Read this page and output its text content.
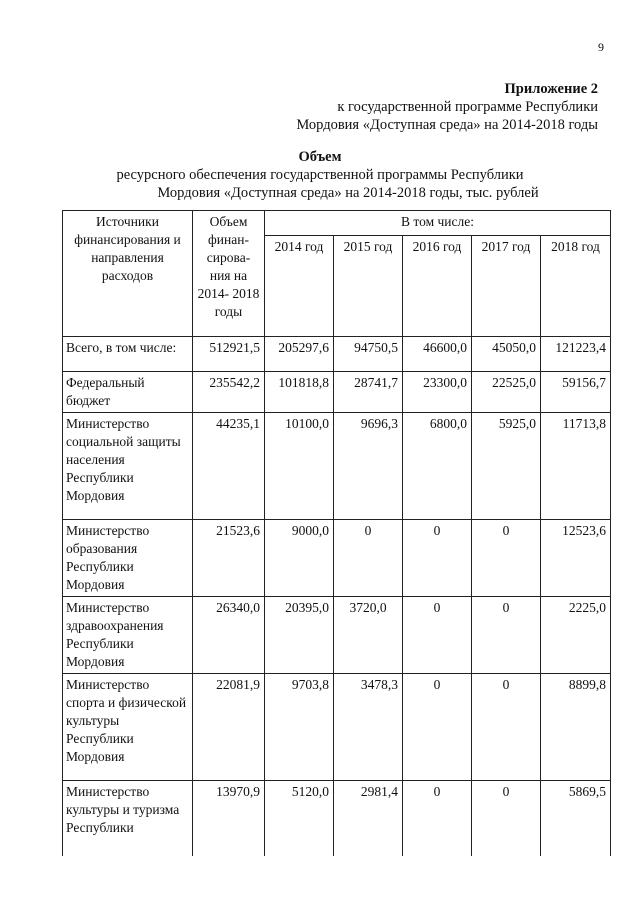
9
Приложение 2
к государственной программе Республики
Мордовия «Доступная среда» на 2014-2018 годы
Объем
ресурсного обеспечения государственной программы Республики
Мордовия «Доступная среда» на 2014-2018 годы, тыс. рублей
Источники финансирования и направления расходов	Объем финан- сирова- ния на 2014- 2018 годы	В том числе:				
		2014 год	2015 год	2016 год	2017 год	2018 год
Всего, в том числе:	512921,5	205297,6	94750,5	46600,0	45050,0	121223,4
Федеральный бюджет	235542,2	101818,8	28741,7	23300,0	22525,0	59156,7
Министерство социальной защиты населения Республики Мордовия	44235,1	10100,0	9696,3	6800,0	5925,0	11713,8
Министерство образования Республики Мордовия	21523,6	9000,0	0	0	0	12523,6
Министерство здравоохранения Республики Мордовия	26340,0	20395,0	3720,0	0	0	2225,0
Министерство спорта и физической культуры Республики Мордовия	22081,9	9703,8	3478,3	0	0	8899,8
Министерство культуры и туризма Республики	13970,9	5120,0	2981,4	0	0	5869,5
